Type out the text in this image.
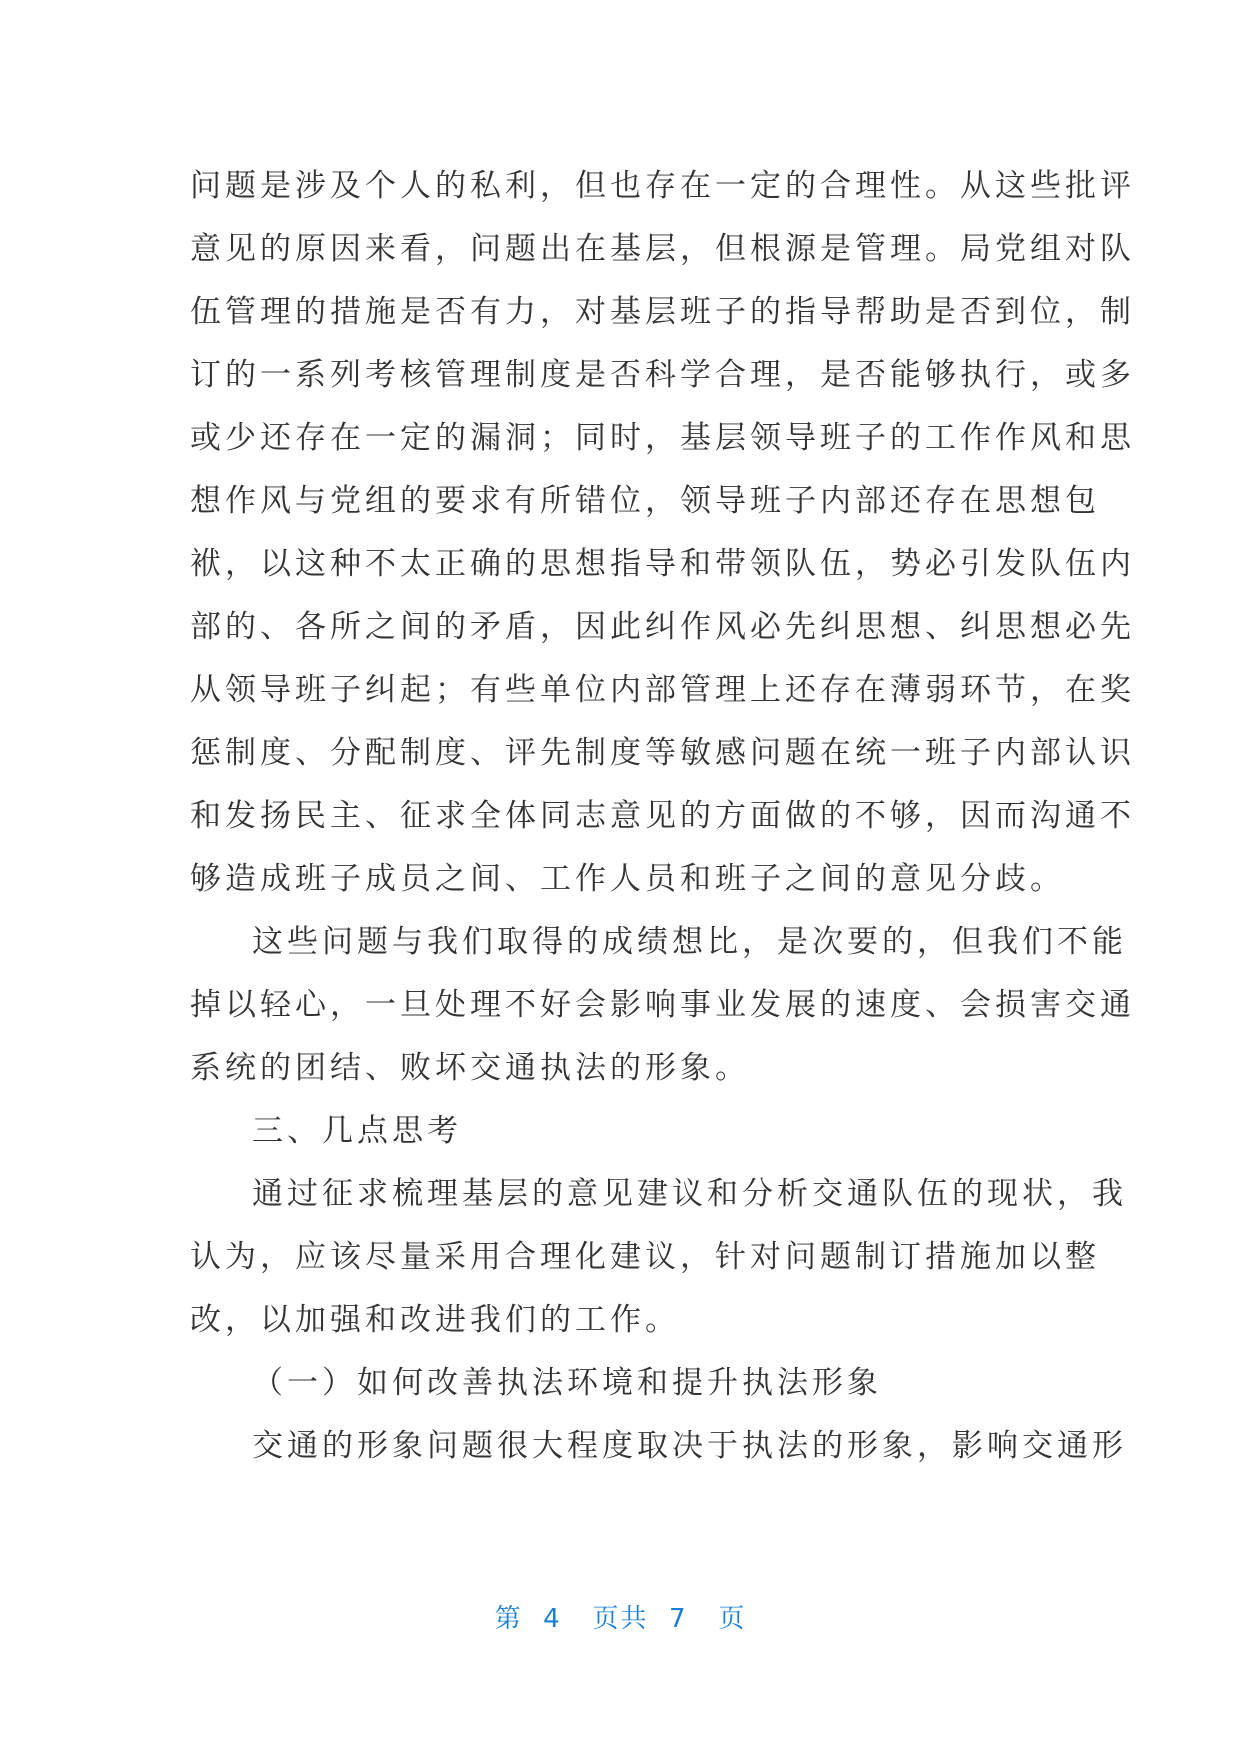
问题是涉及个人的私利，但也存在一定的合理性。从这些批评
意见的原因来看，问题出在基层，但根源是管理。局党组对队
伍管理的措施是否有力，对基层班子的指导帮助是否到位，制
订的一系列考核管理制度是否科学合理，是否能够执行，或多
或少还存在一定的漏洞；同时，基层领导班子的工作作风和思
想作风与党组的要求有所错位，领导班子内部还存在思想包
袱，以这种不太正确的思想指导和带领队伍，势必引发队伍内
部的、各所之间的矛盾，因此纠作风必先纠思想、纠思想必先
从领导班子纠起；有些单位内部管理上还存在薄弱环节，在奖
惩制度、分配制度、评先制度等敏感问题在统一班子内部认识
和发扬民主、征求全体同志意见的方面做的不够，因而沟通不
够造成班子成员之间、工作人员和班子之间的意见分歧。
这些问题与我们取得的成绩想比，是次要的，但我们不能
掉以轻心，一旦处理不好会影响事业发展的速度、会损害交通
系统的团结、败坏交通执法的形象。
三、几点思考
通过征求梳理基层的意见建议和分析交通队伍的现状，我
认为，应该尽量采用合理化建议，针对问题制订措施加以整
改，以加强和改进我们的工作。
（一）如何改善执法环境和提升执法形象
交通的形象问题很大程度取决于执法的形象，影响交通形
第  4   页共  7   页
